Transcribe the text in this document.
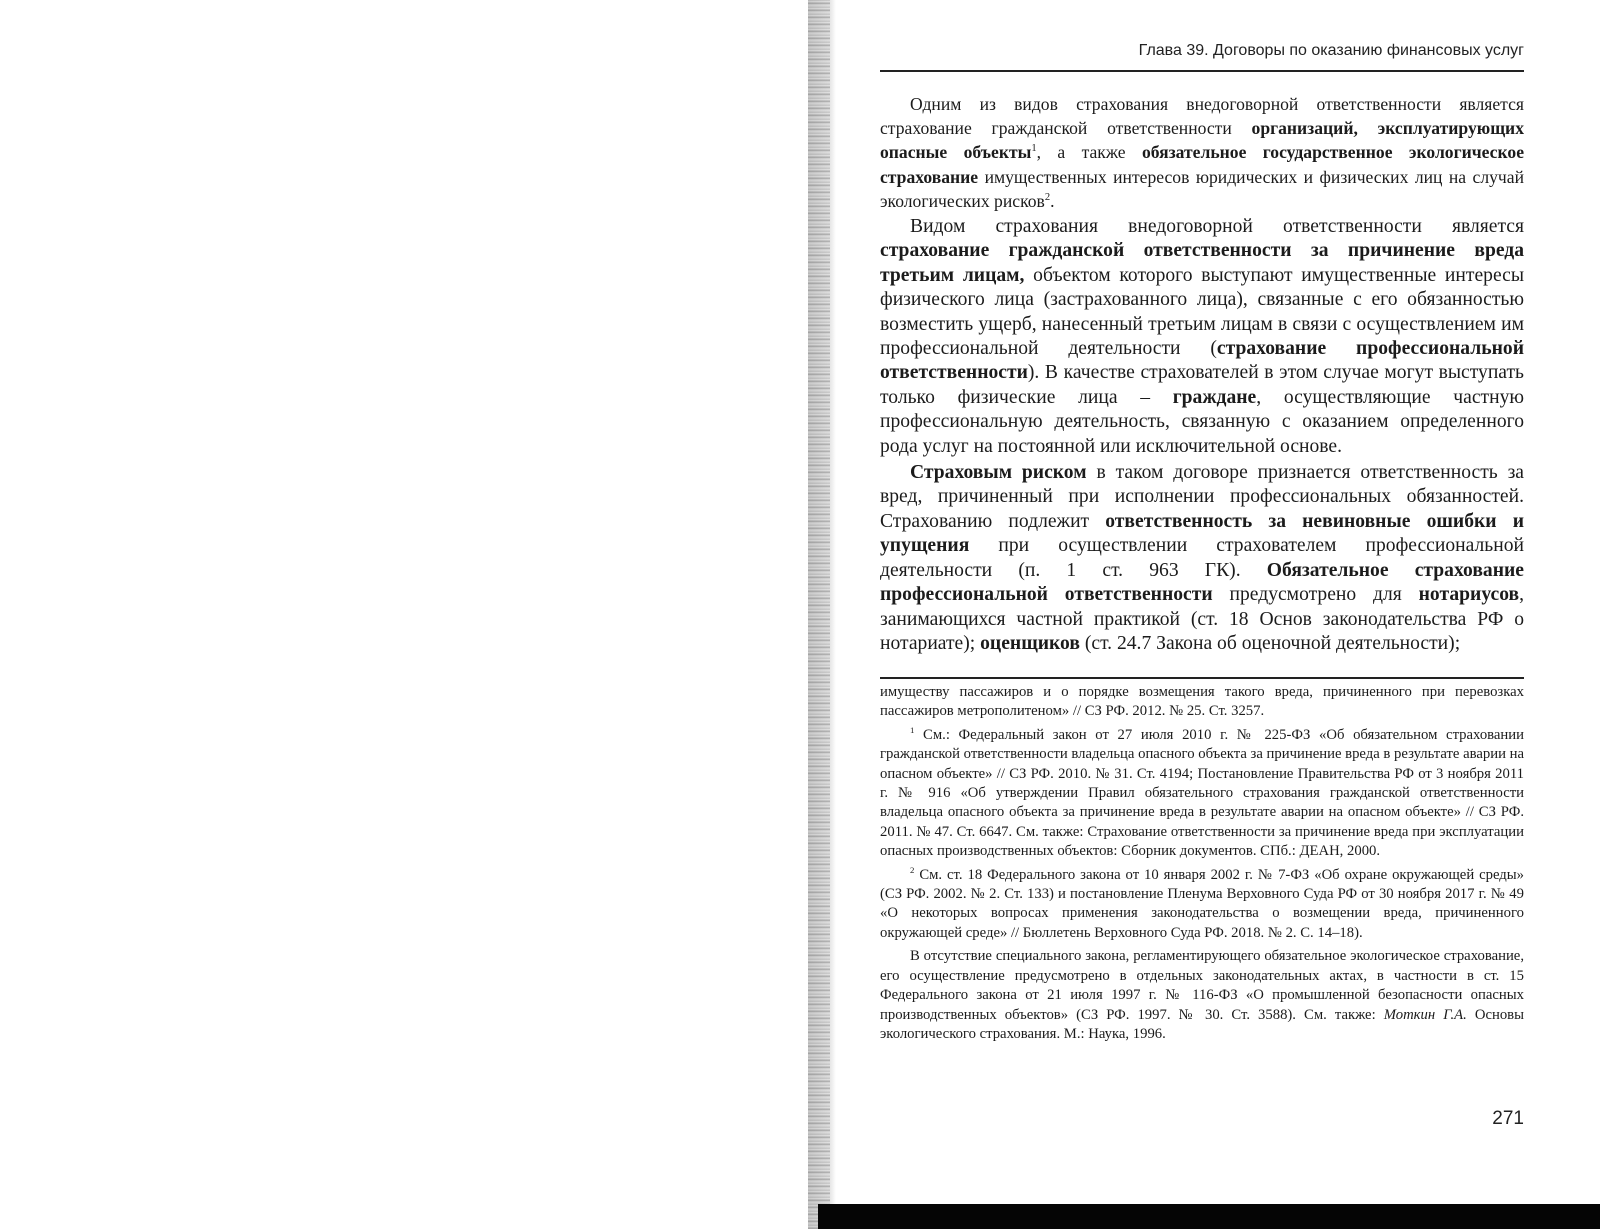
Глава 39. Договоры по оказанию финансовых услуг

Одним из видов страхования внедоговорной ответственности является страхование гражданской ответственности организаций, эксплуатирующих опасные объекты$^1$, а также обязательное государственное экологическое страхование имущественных интересов юридических и физических лиц на случай экологических рисков$^2$.

Видом страхования внедоговорной ответственности является страхование гражданской ответственности за причинение вреда третьим лицам, объектом которого выступают имущественные интересы физического лица (застрахованного лица), связанные с его обязанностью возместить ущерб, нанесенный третьим лицам в связи с осуществлением им профессиональной деятельности (страхование профессиональной ответственности). В качестве страхователей в этом случае могут выступать только физические лица – граждане, осуществляющие частную профессиональную деятельность, связанную с оказанием определенного рода услуг на постоянной или исключительной основе.

Страховым риском в таком договоре признается ответственность за вред, причиненный при исполнении профессиональных обязанностей. Страхованию подлежит ответственность за невиновные ошибки и упущения при осуществлении страхователем профессиональной деятельности (п. 1 ст. 963 ГК). Обязательное страхование профессиональной ответственности предусмотрено для нотариусов, занимающихся частной практикой (ст. 18 Основ законодательства РФ о нотариате); оценщиков (ст. 24.7 Закона об оценочной деятельности);

имуществу пассажиров и о порядке возмещения такого вреда, причиненного при перевозках пассажиров метрополитеном» // СЗ РФ. 2012. № 25. Ст. 3257.

$^1$ См.: Федеральный закон от 27 июля 2010 г. № 225-ФЗ «Об обязательном страховании гражданской ответственности владельца опасного объекта за причинение вреда в результате аварии на опасном объекте» // СЗ РФ. 2010. № 31. Ст. 4194; Постановление Правительства РФ от 3 ноября 2011 г. № 916 «Об утверждении Правил обязательного страхования гражданской ответственности владельца опасного объекта за причинение вреда в результате аварии на опасном объекте» // СЗ РФ. 2011. № 47. Ст. 6647. См. также: Страхование ответственности за причинение вреда при эксплуатации опасных производственных объектов: Сборник документов. СПб.: ДЕАН, 2000.

$^2$ См. ст. 18 Федерального закона от 10 января 2002 г. № 7-ФЗ «Об охране окружающей среды» (СЗ РФ. 2002. № 2. Ст. 133) и постановление Пленума Верховного Суда РФ от 30 ноября 2017 г. № 49 «О некоторых вопросах применения законодательства о возмещении вреда, причиненного окружающей среде» // Бюллетень Верховного Суда РФ. 2018. № 2. С. 14–18).

В отсутствие специального закона, регламентирующего обязательное экологическое страхование, его осуществление предусмотрено в отдельных законодательных актах, в частности в ст. 15 Федерального закона от 21 июля 1997 г. № 116-ФЗ «О промышленной безопасности опасных производственных объектов» (СЗ РФ. 1997. № 30. Ст. 3588). См. также: Моткин Г.А. Основы экологического страхования. М.: Наука, 1996.

271
